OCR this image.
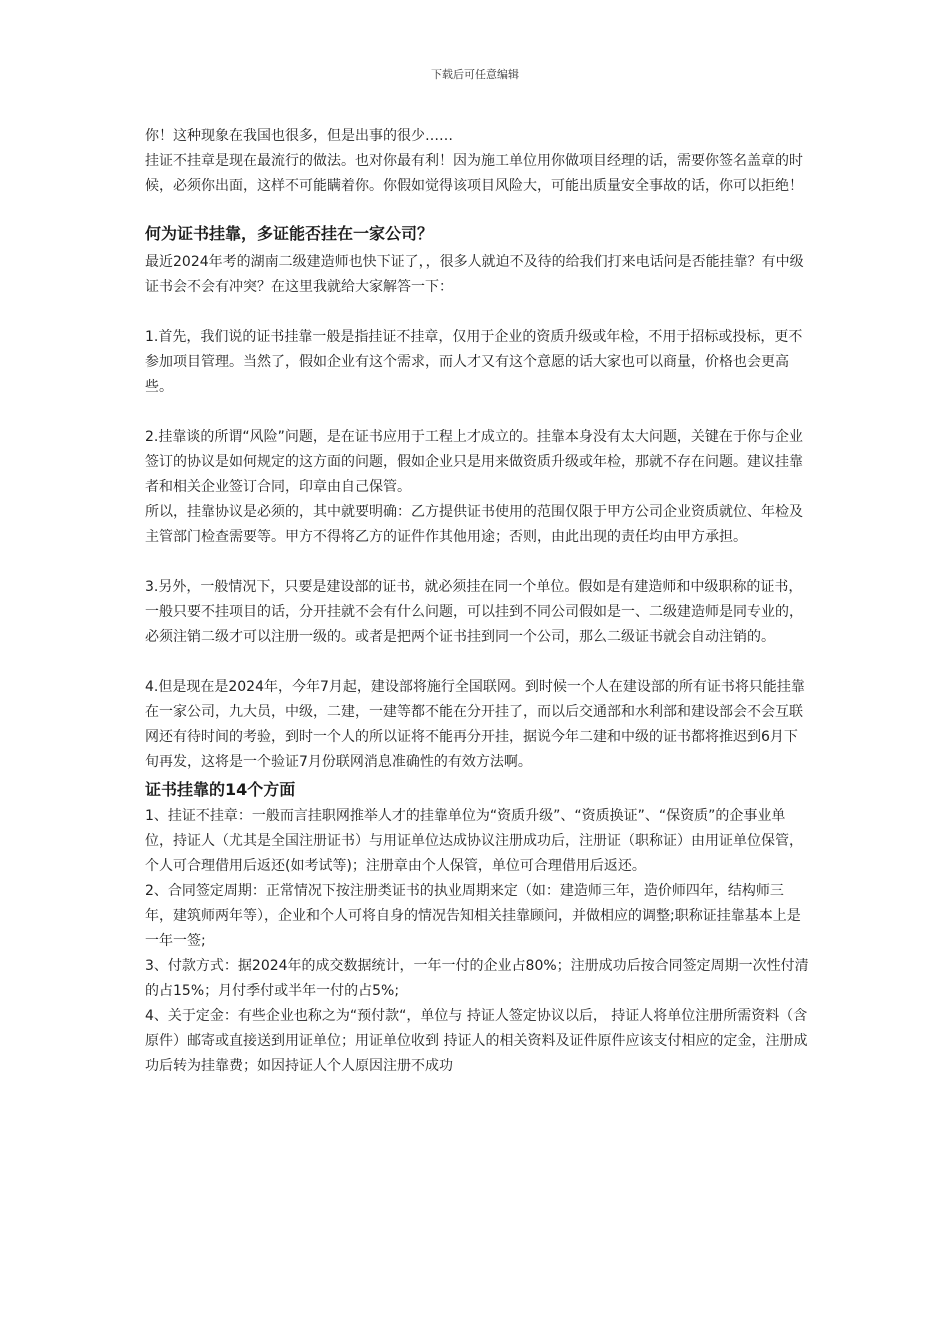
下载后可任意编辑

你！这种现象在我国也很多，但是出事的很少……

挂证不挂章是现在最流行的做法。也对你最有利！因为施工单位用你做项目经理的话，需要你签名盖章的时候，必须你出面，这样不可能瞒着你。你假如觉得该项目风险大，可能出质量安全事故的话，你可以拒绝！

何为证书挂靠，多证能否挂在一家公司？

最近2024年考的湖南二级建造师也快下证了，，很多人就迫不及待的给我们打来电话问是否能挂靠？有中级证书会不会有冲突？在这里我就给大家解答一下：

1.首先，我们说的证书挂靠一般是指挂证不挂章，仅用于企业的资质升级或年检，不用于招标或投标，更不参加项目管理。当然了，假如企业有这个需求，而人才又有这个意愿的话大家也可以商量，价格也会更高些。

2.挂靠谈的所谓“风险”问题，是在证书应用于工程上才成立的。挂靠本身没有太大问题，关键在于你与企业签订的协议是如何规定的这方面的问题，假如企业只是用来做资质升级或年检，那就不存在问题。建议挂靠者和相关企业签订合同，印章由自己保管。

所以，挂靠协议是必须的，其中就要明确：乙方提供证书使用的范围仅限于甲方公司企业资质就位、年检及主管部门检查需要等。甲方不得将乙方的证件作其他用途；否则，由此出现的责任均由甲方承担。

3.另外，一般情况下，只要是建设部的证书，就必须挂在同一个单位。假如是有建造师和中级职称的证书，一般只要不挂项目的话，分开挂就不会有什么问题，可以挂到不同公司假如是一、二级建造师是同专业的，必须注销二级才可以注册一级的。或者是把两个证书挂到同一个公司，那么二级证书就会自动注销的。

4.但是现在是2024年，今年7月起，建设部将施行全国联网。到时候一个人在建设部的所有证书将只能挂靠在一家公司，九大员，中级，二建，一建等都不能在分开挂了，而以后交通部和水利部和建设部会不会互联网还有待时间的考验，到时一个人的所以证将不能再分开挂，据说今年二建和中级的证书都将推迟到6月下旬再发，这将是一个验证7月份联网消息准确性的有效方法啊。

证书挂靠的14个方面

1、挂证不挂章：一般而言挂职网推举人才的挂靠单位为“资质升级”、“资质换证”、“保资质”的企事业单位，持证人（尤其是全国注册证书）与用证单位达成协议注册成功后，注册证（职称证）由用证单位保管，个人可合理借用后返还(如考试等)；注册章由个人保管，单位可合理借用后返还。

2、合同签定周期：正常情况下按注册类证书的执业周期来定（如：建造师三年，造价师四年，结构师三年，建筑师两年等），企业和个人可将自身的情况告知相关挂靠顾问，并做相应的调整;职称证挂靠基本上是一年一签;

3、付款方式：据2024年的成交数据统计，一年一付的企业占80%；注册成功后按合同签定周期一次性付清的占15%；月付季付或半年一付的占5%;

4、关于定金：有些企业也称之为“预付款“，单位与 持证人签定协议以后， 持证人将单位注册所需资料（含原件）邮寄或直接送到用证单位；用证单位收到 持证人的相关资料及证件原件应该支付相应的定金，注册成功后转为挂靠费；如因持证人个人原因注册不成功
